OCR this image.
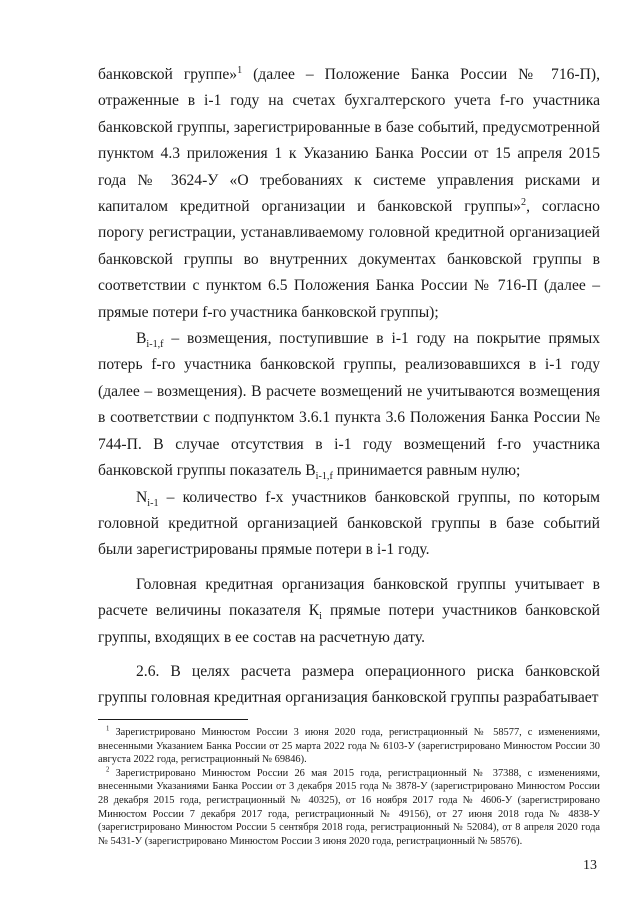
банковской группе»$^1$ (далее – Положение Банка России № 716-П), отраженные в i-1 году на счетах бухгалтерского учета f-го участника банковской группы, зарегистрированные в базе событий, предусмотренной пунктом 4.3 приложения 1 к Указанию Банка России от 15 апреля 2015 года № 3624-У «О требованиях к системе управления рисками и капиталом кредитной организации и банковской группы»$^2$, согласно порогу регистрации, устанавливаемому головной кредитной организацией банковской группы во внутренних документах банковской группы в соответствии с пунктом 6.5 Положения Банка России № 716-П (далее – прямые потери f-го участника банковской группы);

$В_{i-1,f}$ – возмещения, поступившие в i-1 году на покрытие прямых потерь f-го участника банковской группы, реализовавшихся в i-1 году (далее – возмещения). В расчете возмещений не учитываются возмещения в соответствии с подпунктом 3.6.1 пункта 3.6 Положения Банка России № 744-П. В случае отсутствия в i-1 году возмещений f-го участника банковской группы показатель $В_{i-1,f}$ принимается равным нулю;

$N_{i-1}$ – количество f-х участников банковской группы, по которым головной кредитной организацией банковской группы в базе событий были зарегистрированы прямые потери в i-1 году.

Головная кредитная организация банковской группы учитывает в расчете величины показателя $К_i$ прямые потери участников банковской группы, входящих в ее состав на расчетную дату.

2.6. В целях расчета размера операционного риска банковской группы головная кредитная организация банковской группы разрабатывает

$^1$ Зарегистрировано Минюстом России 3 июня 2020 года, регистрационный № 58577, с изменениями, внесенными Указанием Банка России от 25 марта 2022 года № 6103-У (зарегистрировано Минюстом России 30 августа 2022 года, регистрационный № 69846).

$^2$ Зарегистрировано Минюстом России 26 мая 2015 года, регистрационный № 37388, с изменениями, внесенными Указаниями Банка России от 3 декабря 2015 года № 3878-У (зарегистрировано Минюстом России 28 декабря 2015 года, регистрационный № 40325), от 16 ноября 2017 года № 4606-У (зарегистрировано Минюстом России 7 декабря 2017 года, регистрационный № 49156), от 27 июня 2018 года № 4838-У (зарегистрировано Минюстом России 5 сентября 2018 года, регистрационный № 52084), от 8 апреля 2020 года № 5431-У (зарегистрировано Минюстом России 3 июня 2020 года, регистрационный № 58576).

13
